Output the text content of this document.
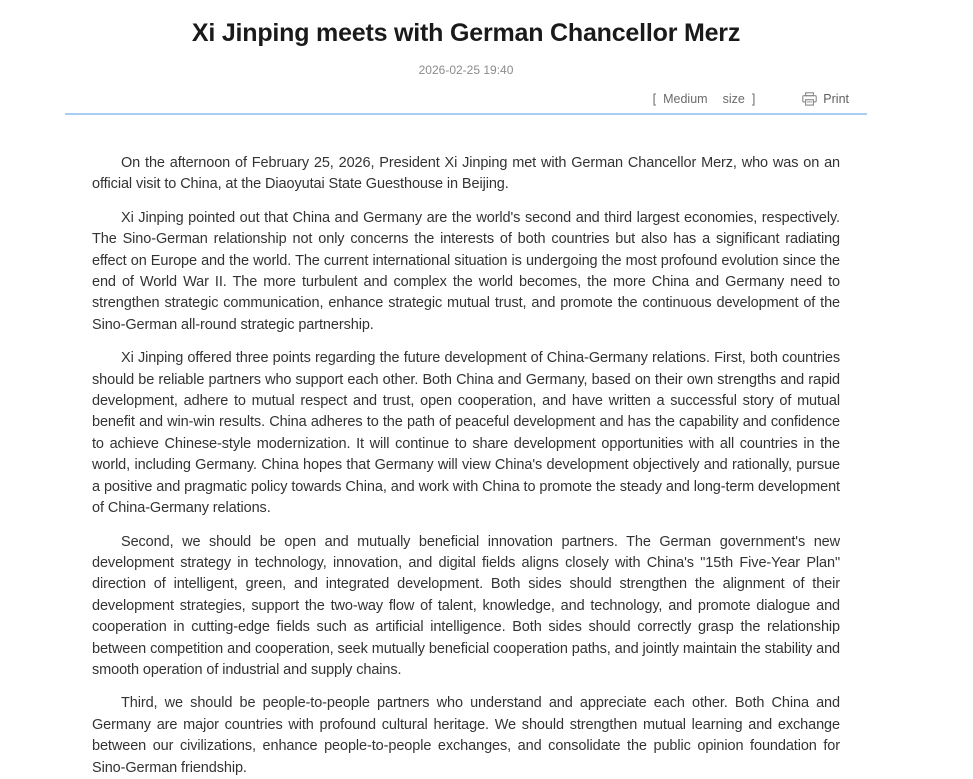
Xi Jinping meets with German Chancellor Merz
2026-02-25 19:40
[ Medium size ]	Print

On the afternoon of February 25, 2026, President Xi Jinping met with German Chancellor Merz, who was on an official visit to China, at the Diaoyutai State Guesthouse in Beijing.

Xi Jinping pointed out that China and Germany are the world's second and third largest economies, respectively. The Sino-German relationship not only concerns the interests of both countries but also has a significant radiating effect on Europe and the world. The current international situation is undergoing the most profound evolution since the end of World War II. The more turbulent and complex the world becomes, the more China and Germany need to strengthen strategic communication, enhance strategic mutual trust, and promote the continuous development of the Sino-German all-round strategic partnership.

Xi Jinping offered three points regarding the future development of China-Germany relations. First, both countries should be reliable partners who support each other. Both China and Germany, based on their own strengths and rapid development, adhere to mutual respect and trust, open cooperation, and have written a successful story of mutual benefit and win-win results. China adheres to the path of peaceful development and has the capability and confidence to achieve Chinese-style modernization. It will continue to share development opportunities with all countries in the world, including Germany. China hopes that Germany will view China's development objectively and rationally, pursue a positive and pragmatic policy towards China, and work with China to promote the steady and long-term development of China-Germany relations.

Second, we should be open and mutually beneficial innovation partners. The German government's new development strategy in technology, innovation, and digital fields aligns closely with China's "15th Five-Year Plan" direction of intelligent, green, and integrated development. Both sides should strengthen the alignment of their development strategies, support the two-way flow of talent, knowledge, and technology, and promote dialogue and cooperation in cutting-edge fields such as artificial intelligence. Both sides should correctly grasp the relationship between competition and cooperation, seek mutually beneficial cooperation paths, and jointly maintain the stability and smooth operation of industrial and supply chains.

Third, we should be people-to-people partners who understand and appreciate each other. Both China and Germany are major countries with profound cultural heritage. We should strengthen mutual learning and exchange between our civilizations, enhance people-to-people exchanges, and consolidate the public opinion foundation for Sino-German friendship.
